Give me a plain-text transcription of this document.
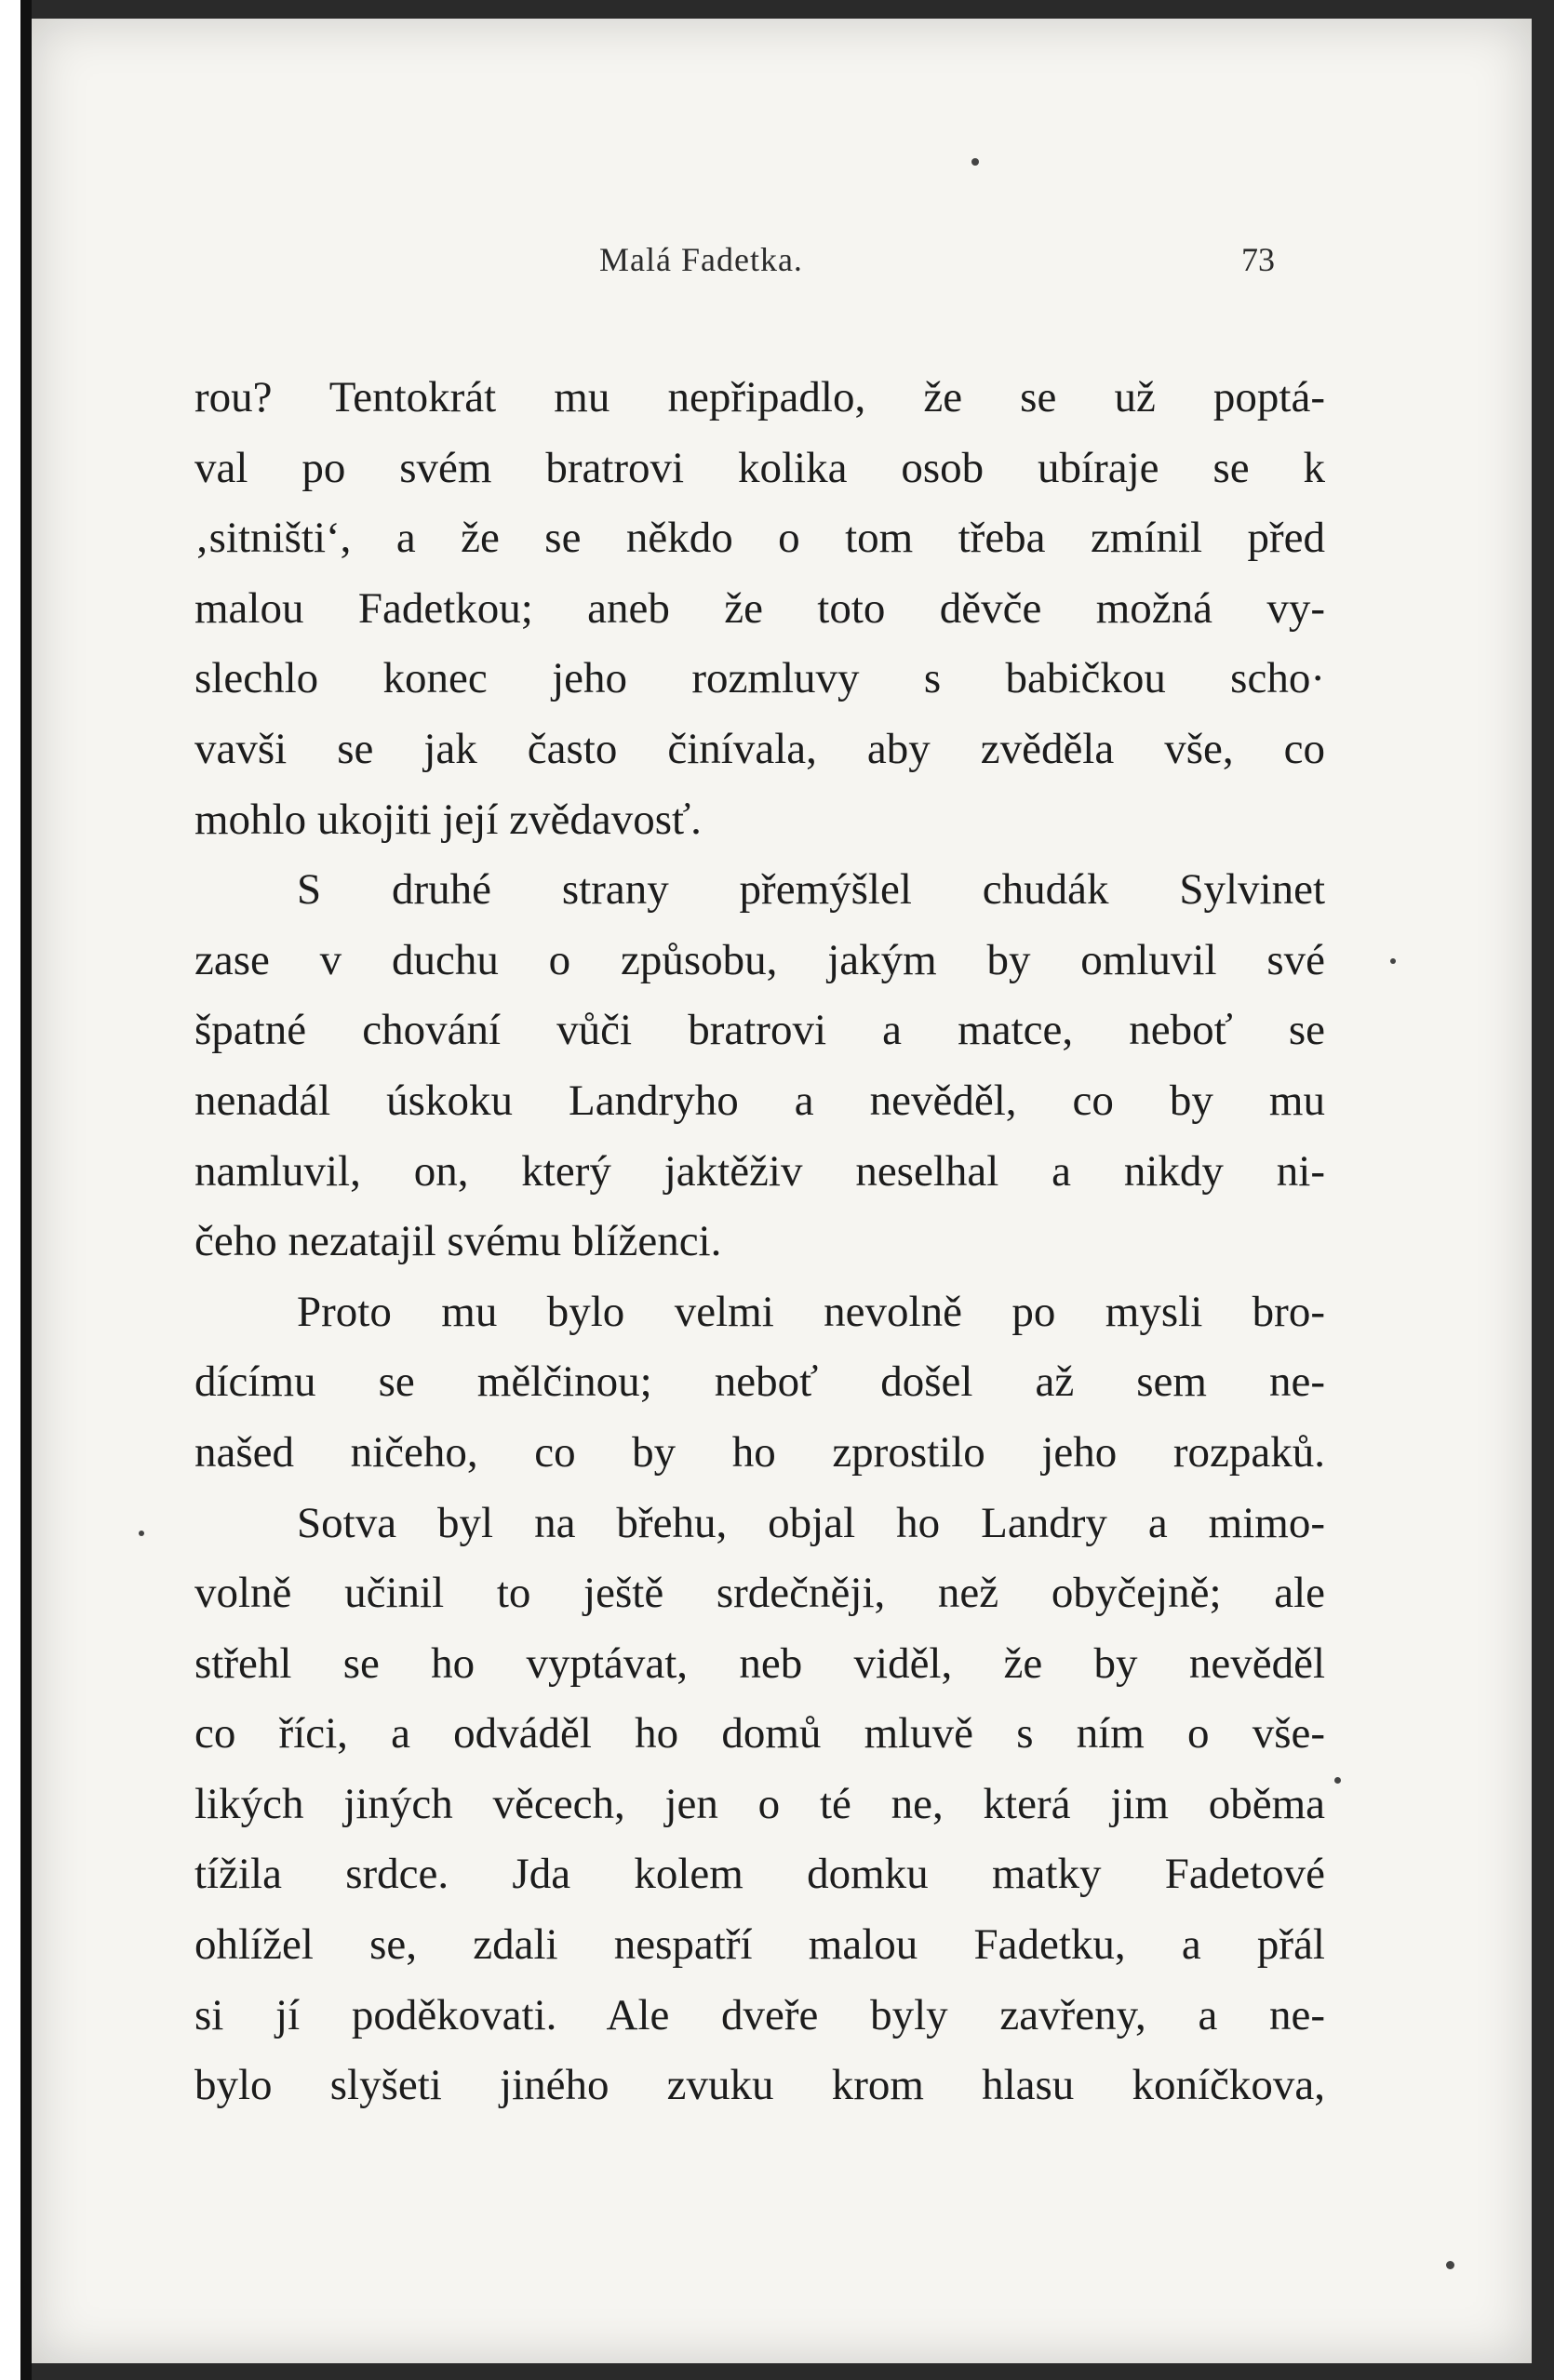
Malá Fadetka.	73
rou? Tentokrát mu nepřipadlo, že se už poptá-
val po svém bratrovi kolika osob ubíraje se k
‚sitništi‘, a že se někdo o tom třeba zmínil před
malou Fadetkou; aneb že toto děvče možná vy-
slechlo konec jeho rozmluvy s babičkou scho·
vavši se jak často činívala, aby zvěděla vše, co
mohlo ukojiti její zvědavosť.
S druhé strany přemýšlel chudák Sylvinet
zase v duchu o způsobu, jakým by omluvil své
špatné chování vůči bratrovi a matce, neboť se
nenadál úskoku Landryho a nevěděl, co by mu
namluvil, on, který jaktěživ neselhal a nikdy ni-
čeho nezatajil svému blíženci.
Proto mu bylo velmi nevolně po mysli bro-
dícímu se mělčinou; neboť došel až sem ne-
našed ničeho, co by ho zprostilo jeho rozpaků.
Sotva byl na břehu, objal ho Landry a mimo-
volně učinil to ještě srdečněji, než obyčejně; ale
střehl se ho vyptávat, neb viděl, že by nevěděl
co říci, a odváděl ho domů mluvě s ním o vše-
likých jiných věcech, jen o té ne, která jim oběma
tížila srdce. Jda kolem domku matky Fadetové
ohlížel se, zdali nespatří malou Fadetku, a přál
si jí poděkovati. Ale dveře byly zavřeny, a ne-
bylo slyšeti jiného zvuku krom hlasu koníčkova,
